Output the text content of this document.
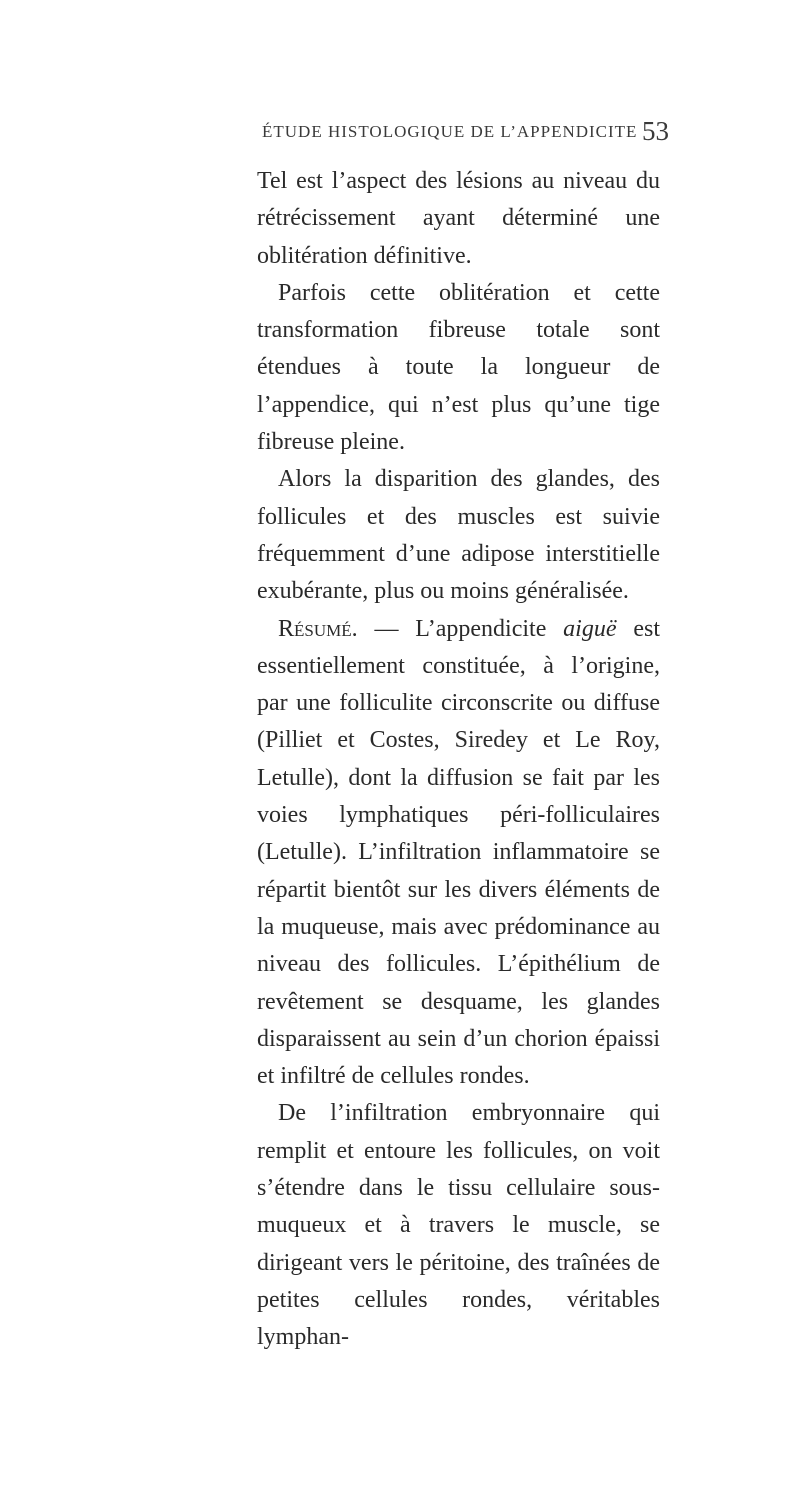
ÉTUDE HISTOLOGIQUE DE L’APPENDICITE 53

Tel est l’aspect des lésions au niveau du rétrécissement ayant déterminé une oblitération définitive.

Parfois cette oblitération et cette transformation fibreuse totale sont étendues à toute la longueur de l’appendice, qui n’est plus qu’une tige fibreuse pleine.

Alors la disparition des glandes, des follicules et des muscles est suivie fréquemment d’une adipose interstitielle exubérante, plus ou moins généralisée.

Résumé. — L’appendicite aiguë est essentiellement constituée, à l’origine, par une folliculite circonscrite ou diffuse (Pilliet et Costes, Siredey et Le Roy, Letulle), dont la diffusion se fait par les voies lymphatiques péri-folliculaires (Letulle). L’infiltration inflammatoire se répartit bientôt sur les divers éléments de la muqueuse, mais avec prédominance au niveau des follicules. L’épithélium de revêtement se desquame, les glandes disparaissent au sein d’un chorion épaissi et infiltré de cellules rondes.

De l’infiltration embryonnaire qui remplit et entoure les follicules, on voit s’étendre dans le tissu cellulaire sous-muqueux et à travers le muscle, se dirigeant vers le péritoine, des traînées de petites cellules rondes, véritables lymphan-
